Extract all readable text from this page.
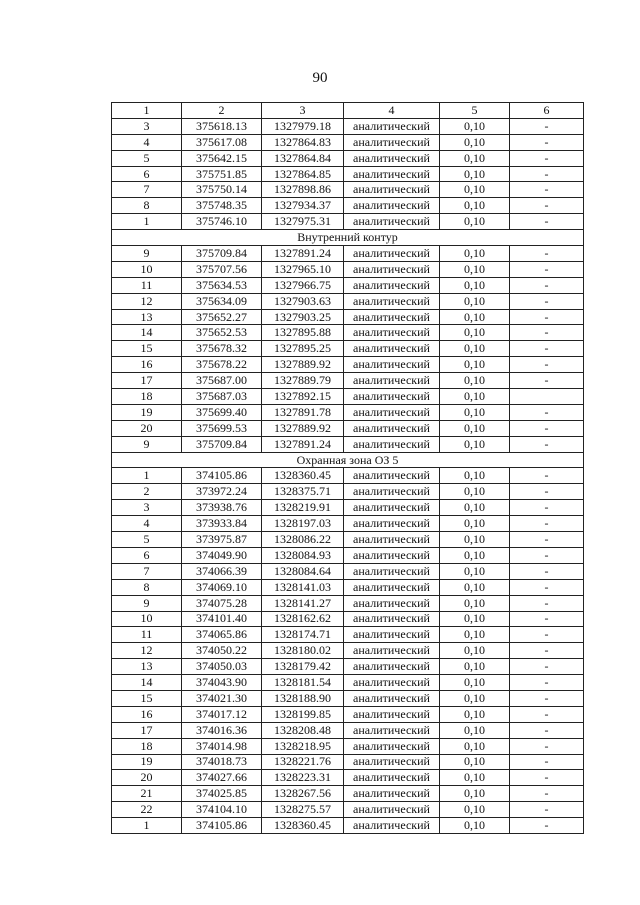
90
1	2	3	4	5	6
3	375618.13	1327979.18	аналитический	0,10	-
4	375617.08	1327864.83	аналитический	0,10	-
5	375642.15	1327864.84	аналитический	0,10	-
6	375751.85	1327864.85	аналитический	0,10	-
7	375750.14	1327898.86	аналитический	0,10	-
8	375748.35	1327934.37	аналитический	0,10	-
1	375746.10	1327975.31	аналитический	0,10	-
Внутренний контур					
9	375709.84	1327891.24	аналитический	0,10	-
10	375707.56	1327965.10	аналитический	0,10	-
11	375634.53	1327966.75	аналитический	0,10	-
12	375634.09	1327903.63	аналитический	0,10	-
13	375652.27	1327903.25	аналитический	0,10	-
14	375652.53	1327895.88	аналитический	0,10	-
15	375678.32	1327895.25	аналитический	0,10	-
16	375678.22	1327889.92	аналитический	0,10	-
17	375687.00	1327889.79	аналитический	0,10	-
18	375687.03	1327892.15	аналитический	0,10	
19	375699.40	1327891.78	аналитический	0,10	-
20	375699.53	1327889.92	аналитический	0,10	-
9	375709.84	1327891.24	аналитический	0,10	-
Охранная зона ОЗ 5					
1	374105.86	1328360.45	аналитический	0,10	-
2	373972.24	1328375.71	аналитический	0,10	-
3	373938.76	1328219.91	аналитический	0,10	-
4	373933.84	1328197.03	аналитический	0,10	-
5	373975.87	1328086.22	аналитический	0,10	-
6	374049.90	1328084.93	аналитический	0,10	-
7	374066.39	1328084.64	аналитический	0,10	-
8	374069.10	1328141.03	аналитический	0,10	-
9	374075.28	1328141.27	аналитический	0,10	-
10	374101.40	1328162.62	аналитический	0,10	-
11	374065.86	1328174.71	аналитический	0,10	-
12	374050.22	1328180.02	аналитический	0,10	-
13	374050.03	1328179.42	аналитический	0,10	-
14	374043.90	1328181.54	аналитический	0,10	-
15	374021.30	1328188.90	аналитический	0,10	-
16	374017.12	1328199.85	аналитический	0,10	-
17	374016.36	1328208.48	аналитический	0,10	-
18	374014.98	1328218.95	аналитический	0,10	-
19	374018.73	1328221.76	аналитический	0,10	-
20	374027.66	1328223.31	аналитический	0,10	-
21	374025.85	1328267.56	аналитический	0,10	-
22	374104.10	1328275.57	аналитический	0,10	-
1	374105.86	1328360.45	аналитический	0,10	-
